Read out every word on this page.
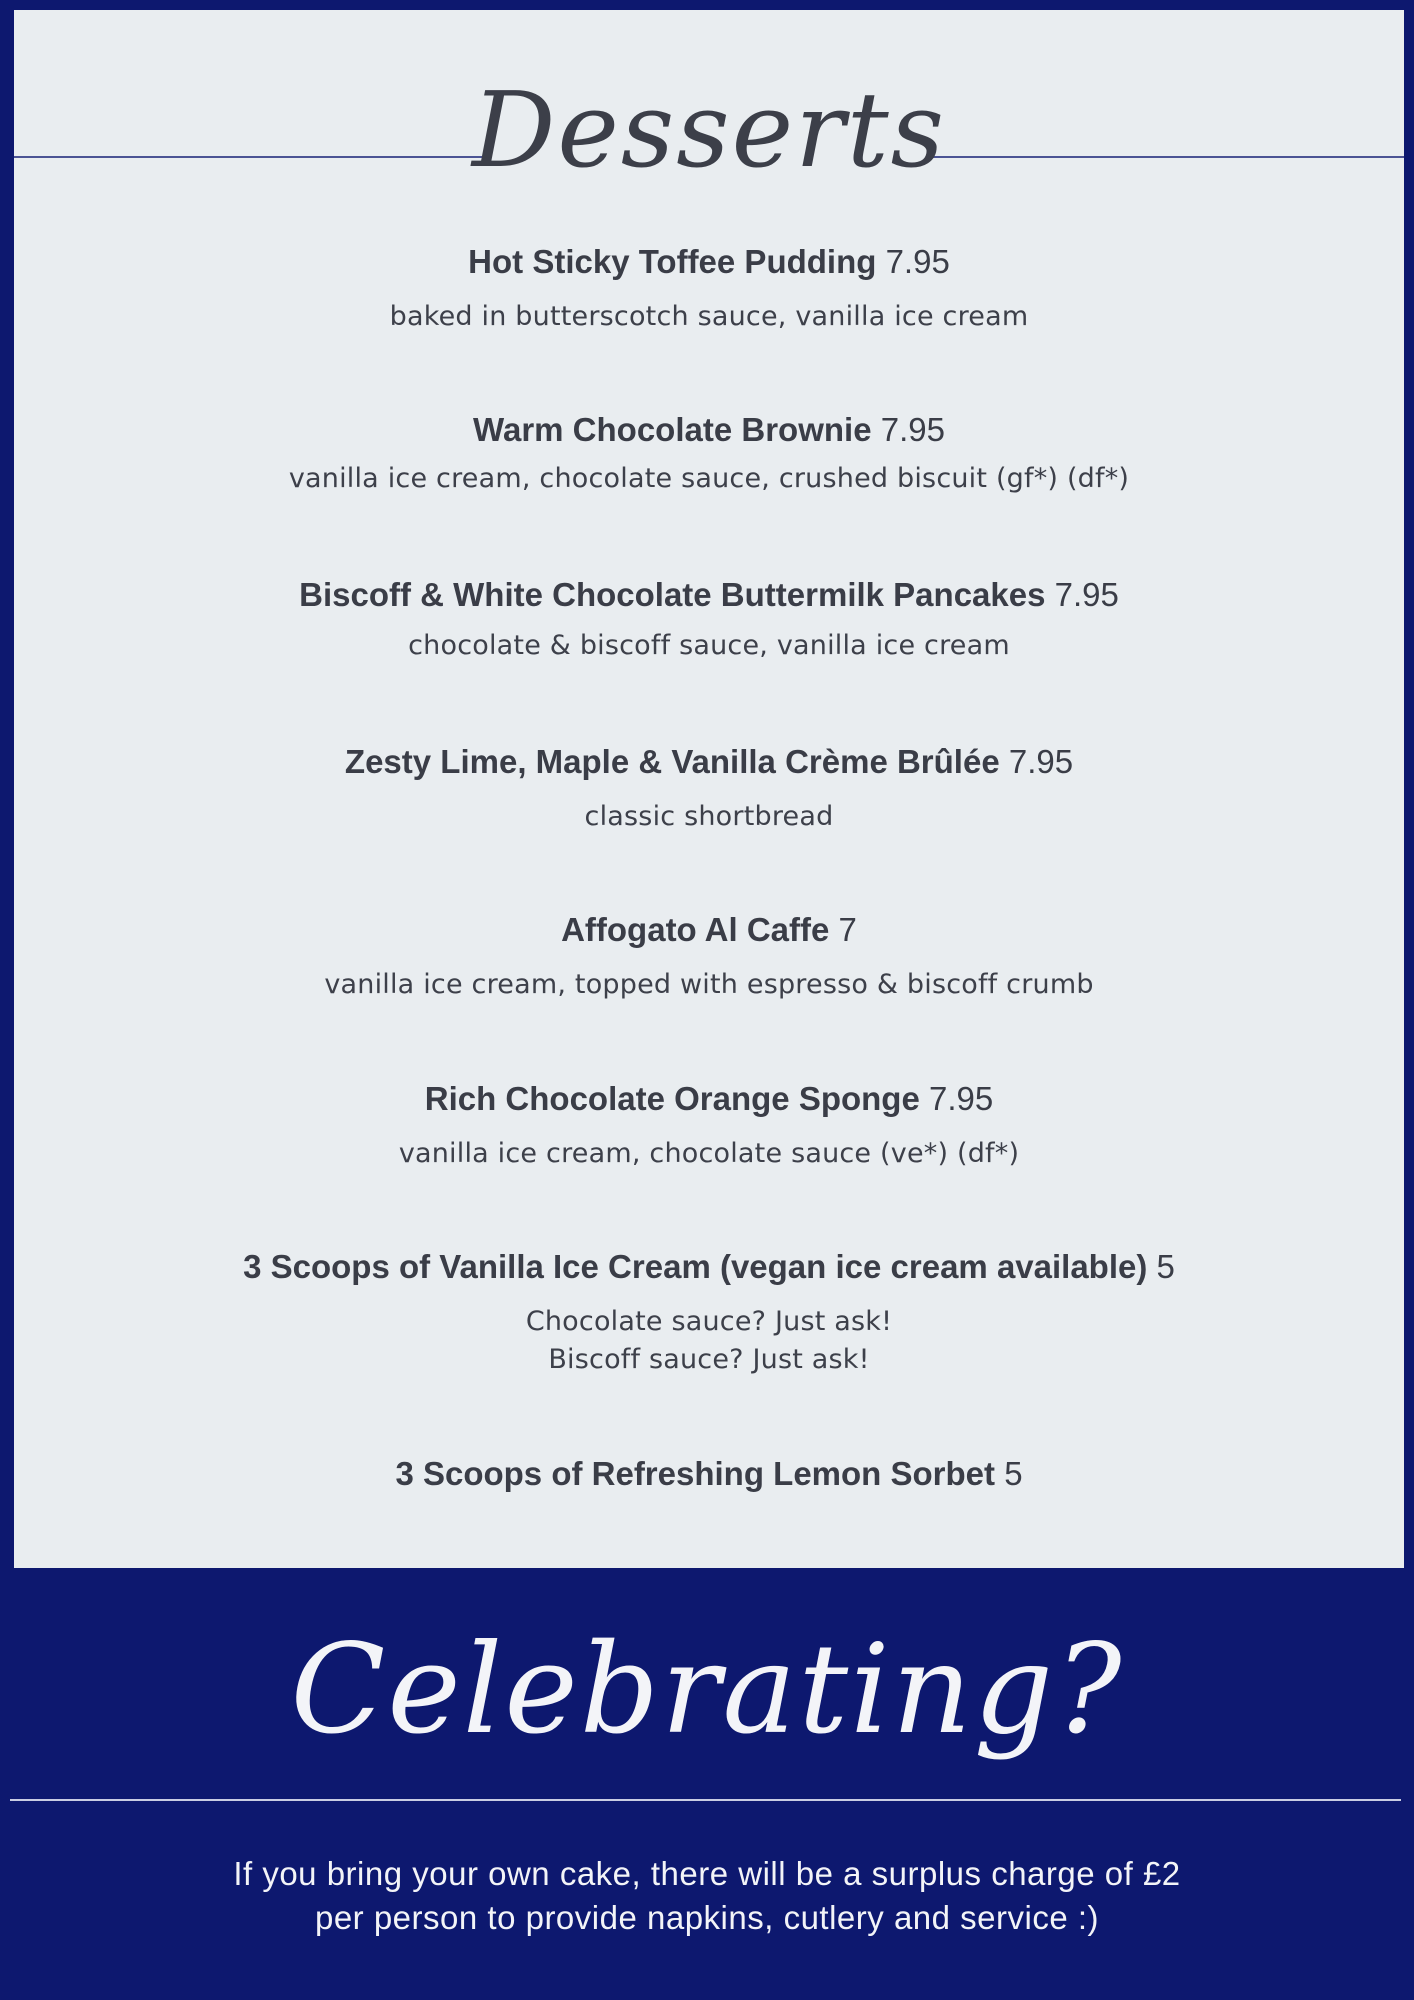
Desserts
Hot Sticky Toffee Pudding 7.95
baked in butterscotch sauce, vanilla ice cream
Warm Chocolate Brownie 7.95
vanilla ice cream, chocolate sauce, crushed biscuit (gf*) (df*)
Biscoff & White Chocolate Buttermilk Pancakes 7.95
chocolate & biscoff sauce, vanilla ice cream
Zesty Lime, Maple & Vanilla Crème Brûlée 7.95
classic shortbread
Affogato Al Caffe 7
vanilla ice cream, topped with espresso & biscoff crumb
Rich Chocolate Orange Sponge 7.95
vanilla ice cream, chocolate sauce (ve*) (df*)
3 Scoops of Vanilla Ice Cream (vegan ice cream available) 5
Chocolate sauce? Just ask!
Biscoff sauce? Just ask!
3 Scoops of Refreshing Lemon Sorbet 5
Celebrating?
If you bring your own cake, there will be a surplus charge of £2
per person to provide napkins, cutlery and service :)
